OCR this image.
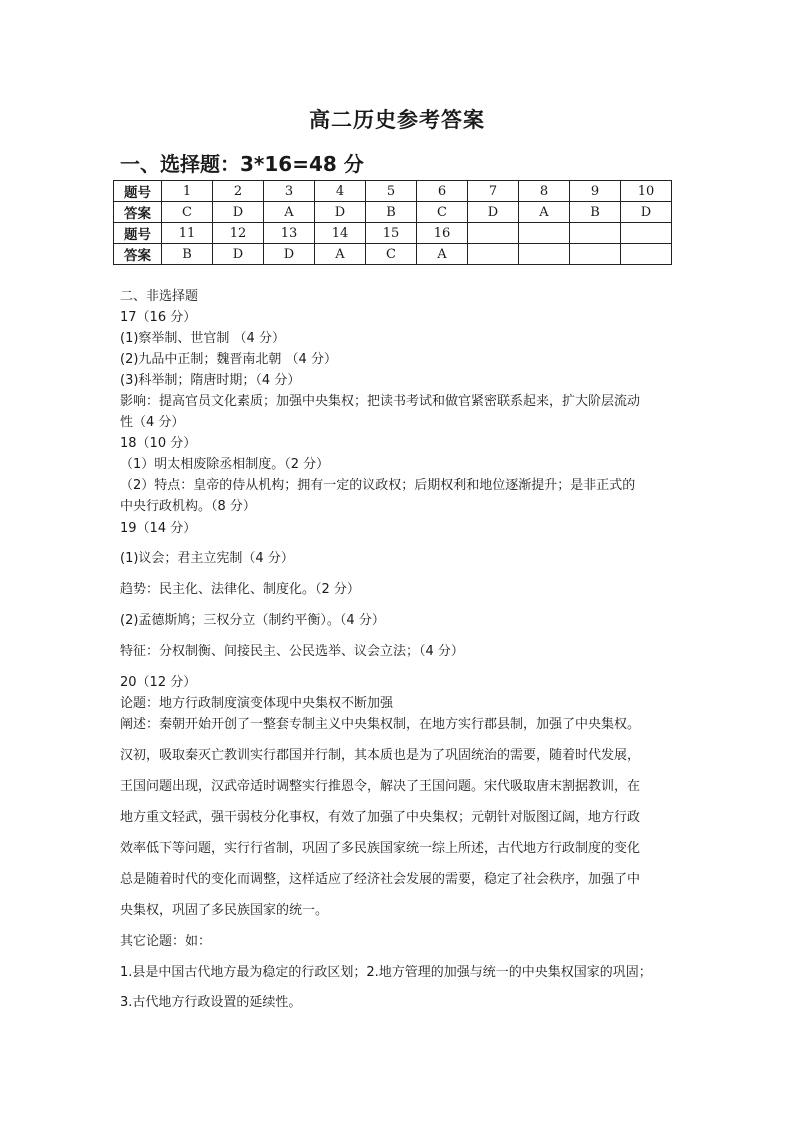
高二历史参考答案
一、选择题：3*16=48 分
题号	1	2	3	4	5	6	7	8	9	10
答案	C	D	A	D	B	C	D	A	B	D
题号	11	12	13	14	15	16				
答案	B	D	D	A	C	A				
二、非选择题
17（16 分）
(1)察举制、世官制 （4 分）
(2)九品中正制；魏晋南北朝 （4 分）
(3)科举制；隋唐时期；（4 分）
影响：提高官员文化素质；加强中央集权；把读书考试和做官紧密联系起来，扩大阶层流动
性（4 分）
18（10 分）
（1）明太相废除丞相制度。（2 分）
（2）特点：皇帝的侍从机构；拥有一定的议政权；后期权利和地位逐渐提升；是非正式的
中央行政机构。（8 分）
19（14 分）
(1)议会；君主立宪制（4 分）
趋势：民主化、法律化、制度化。（2 分）
(2)孟德斯鸠；三权分立（制约平衡）。（4 分）
特征：分权制衡、间接民主、公民选举、议会立法；（4 分）
20（12 分）
论题：地方行政制度演变体现中央集权不断加强
阐述：秦朝开始开创了一整套专制主义中央集权制，在地方实行郡县制，加强了中央集权。
汉初，吸取秦灭亡教训实行郡国并行制，其本质也是为了巩固统治的需要，随着时代发展，
王国问题出现，汉武帝适时调整实行推恩令，解决了王国问题。宋代吸取唐末割据教训，在
地方重文轻武，强干弱枝分化事权，有效了加强了中央集权；元朝针对版图辽阔，地方行政
效率低下等问题，实行行省制，巩固了多民族国家统一综上所述，古代地方行政制度的变化
总是随着时代的变化而调整，这样适应了经济社会发展的需要，稳定了社会秩序，加强了中
央集权，巩固了多民族国家的统一。
其它论题：如：
1.县是中国古代地方最为稳定的行政区划；2.地方管理的加强与统一的中央集权国家的巩固；
3.古代地方行政设置的延续性。
